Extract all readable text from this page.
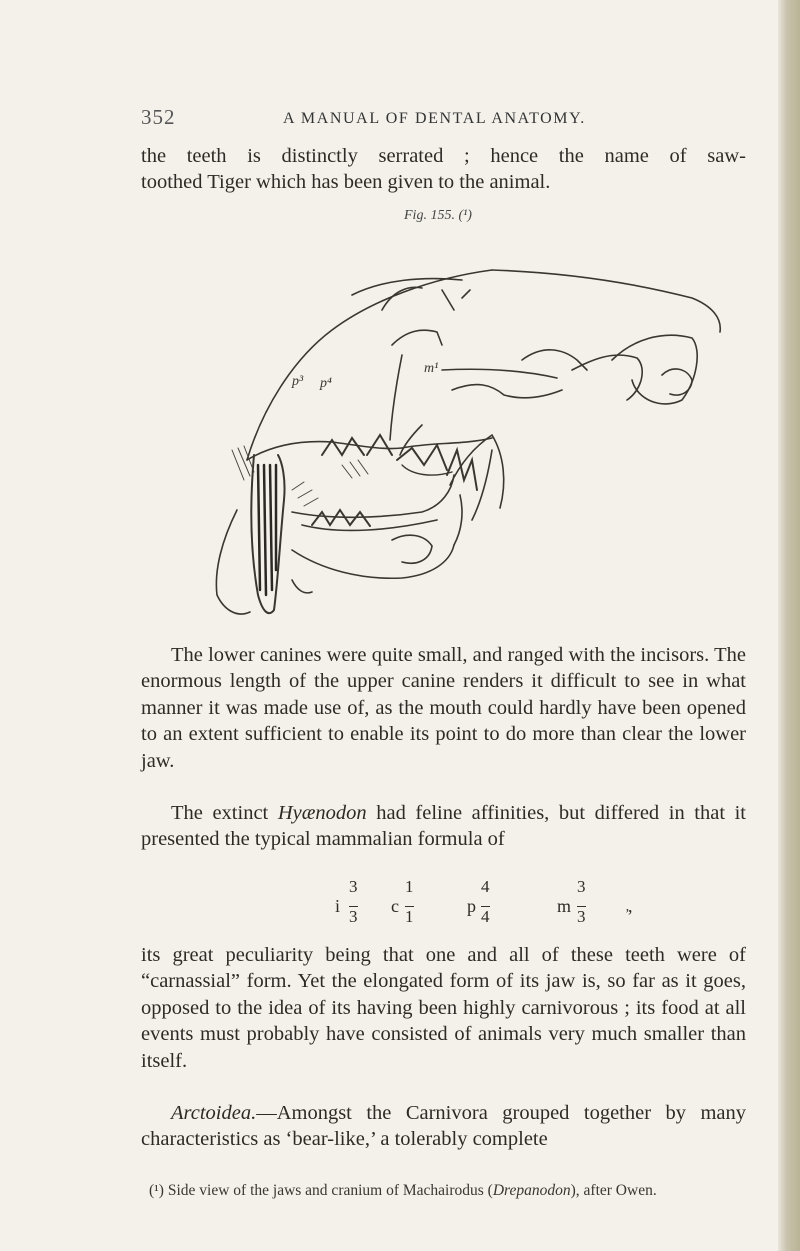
352	A MANUAL OF DENTAL ANATOMY.
the teeth is distinctly serrated ; hence the name of saw-
toothed Tiger which has been given to the animal.
Fig. 155. (¹)
p³ p⁴
m¹

The lower canines were quite small, and ranged with the incisors. The enormous length of the upper canine renders it difficult to see in what manner it was made use of, as the mouth could hardly have been opened to an extent sufficient to enable its point to do more than clear the lower jaw.

The extinct Hyænodon had feline affinities, but differed in that it presented the typical mammalian formula of

i
3
3
c
1
1
p
4
4
m
3
3
,
’

its great peculiarity being that one and all of these teeth were of “carnassial” form. Yet the elongated form of its jaw is, so far as it goes, opposed to the idea of its having been highly carnivorous ; its food at all events must probably have consisted of animals very much smaller than itself.

Arctoidea.—Amongst the Carnivora grouped together by many characteristics as ‘bear-like,’ a tolerably complete

(¹) Side view of the jaws and cranium of Machairodus (Drepanodon), after Owen.
